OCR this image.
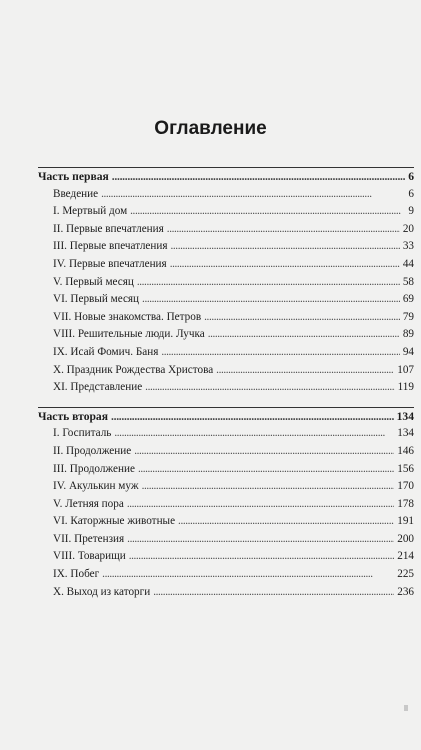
Оглавление
Часть первая . . .	6
Введение . . .	6
I. Мертвый дом . . .	9
II. Первые впечатления . . .	20
III. Первые впечатления . . .	33
IV. Первые впечатления . . .	44
V. Первый месяц . . .	58
VI. Первый месяц . . .	69
VII. Новые знакомства. Петров . . .	79
VIII. Решительные люди. Лучка . . .	89
IX. Исай Фомич. Баня . . .	94
X. Праздник Рождества Христова . . .	107
XI. Представление . . .	119
Часть вторая . . .	134
I. Госпиталь . . .	134
II. Продолжение . . .	146
III. Продолжение . . .	156
IV. Акулькин муж . . .	170
V. Летняя пора . . .	178
VI. Каторжные животные . . .	191
VII. Претензия . . .	200
VIII. Товарищи . . .	214
IX. Побег . . .	225
X. Выход из каторги . . .	236
